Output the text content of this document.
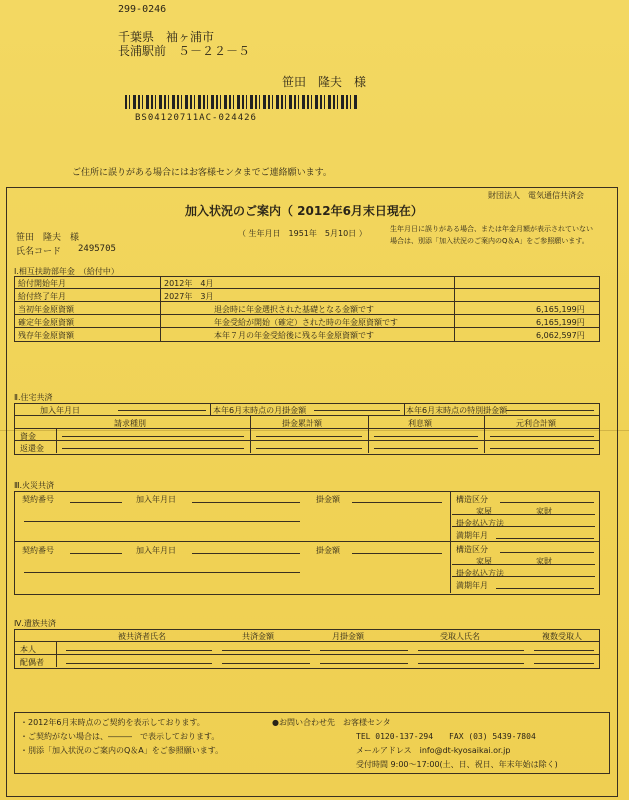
299-0246
千葉県　袖ヶ浦市
長浦駅前　５－２２－５
笹田　隆夫　様
BS04120711AC-024426
ご住所に誤りがある場合にはお客様センタまでご連絡願います。
財団法人　電気通信共済会
加入状況のご案内（ 2012年6月末日現在）
生年月日に誤りがある場合、または年金月額が表示されていない
場合は、別添「加入状況のご案内のQ＆A」をご参照願います。
（ 生年月日　1951年　5月10日 ）
笹田　隆夫　様
氏名コード 2495705
Ⅰ.相互扶助部年金　（給付中）
給付開始年月	2012年　4月
給付終了年月	2027年　3月
当初年金原資額	退会時に年金選択された基礎となる金額です	6,165,199円
確定年金原資額	年金受給が開始（確定）された時の年金原資額です	6,165,199円
残存年金原資額	本年７月の年金受給後に残る年金原資額です	6,062,597円
Ⅱ.住宅共済
加入年月日	本年6月末時点の月掛金額	本年6月末時点の特別掛金額
請求種別	掛金累計額	利息額	元利合計額
資金
返還金
Ⅲ.火災共済
契約番号	加入年月日	掛金額	構造区分
家屋	家財
掛金払込方法
満期年月
契約番号	加入年月日	掛金額	構造区分
家屋	家財
掛金払込方法
満期年月
Ⅳ.遺族共済
被共済者氏名	共済金額	月掛金額	受取人氏名	複数受取人
本人
配偶者
・2012年6月末時点のご契約を表示しております。
・ご契約がない場合は、―――　で表示しております。
・別添「加入状況のご案内のQ＆A」をご参照願います。
●お問い合わせ先　お客様センタ
TEL 0120-137-294　　FAX (03) 5439-7804
メールアドレス　info@dt-kyosaikai.or.jp
受付時間 9:00～17:00(土、日、祝日、年末年始は除く)
